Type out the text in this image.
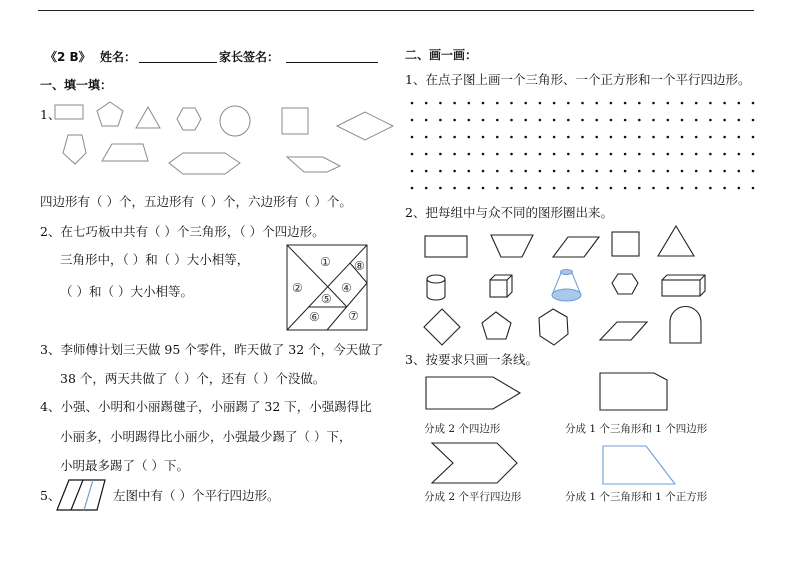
《2 B》 姓名：	家长签名：
一、填一填：
1、
四边形有（ ）个，五边形有（ ）个，六边形有（ ）个。
2、在七巧板中共有（ ）个三角形，（ ）个四边形。
三角形中，（ ）和（ ）大小相等，
（ ）和（ ）大小相等。
①
②	④
⑤
⑥ ⑦
⑧
3、李师傅计划三天做 95 个零件，昨天做了 32 个，今天做了
38 个，两天共做了（ ）个，还有（ ）个没做。
4、小强、小明和小丽踢毽子，小丽踢了 32 下，小强踢得比
小丽多，小明踢得比小丽少，小强最少踢了（ ）下，
小明最多踢了（ ）下。
5、	左图中有（ ）个平行四边形。
二、画一画：
1、在点子图上画一个三角形、一个正方形和一个平行四边形。
2、把每组中与众不同的图形圈出来。
3、按要求只画一条线。
分成 2 个四边形	分成 1 个三角形和 1 个四边形
分成 2 个平行四边形	分成 1 个三角形和 1 个正方形
